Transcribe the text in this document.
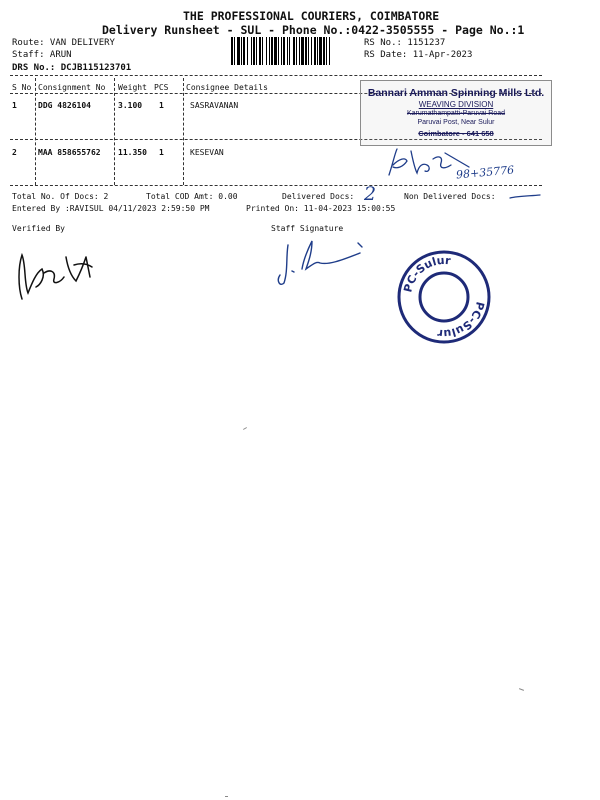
THE PROFESSIONAL COURIERS, COIMBATORE
Delivery Runsheet - SUL - Phone No.:0422-3505555 - Page No.:1
Route: VAN DELIVERY
Staff: ARUN
DRS No.: DCJB115123701
RS No.: 1151237
RS Date: 11-Apr-2023
S No Consignment No Weight PCS Consignee Details
1	DDG 4826104	3.100 1	SASRAVANAN
2	MAA 858655762 11.350 1	KESEVAN
Bannari Amman Spinning Mills Ltd.
WEAVING DIVISION
Karumathampatti-Paruvai Road
Paruvai Post, Near Sulur
Coimbatore - 641 658
98+35776
Total No. Of Docs: 2	Total COD Amt: 0.00	Delivered Docs: 2	Non Delivered Docs:
Entered By :RAVISUL 04/11/2023 2:59:50 PM	Printed On: 11-04-2023 15:00:55
Verified By	Staff Signature
PC-Sulur
PC-Sulur
